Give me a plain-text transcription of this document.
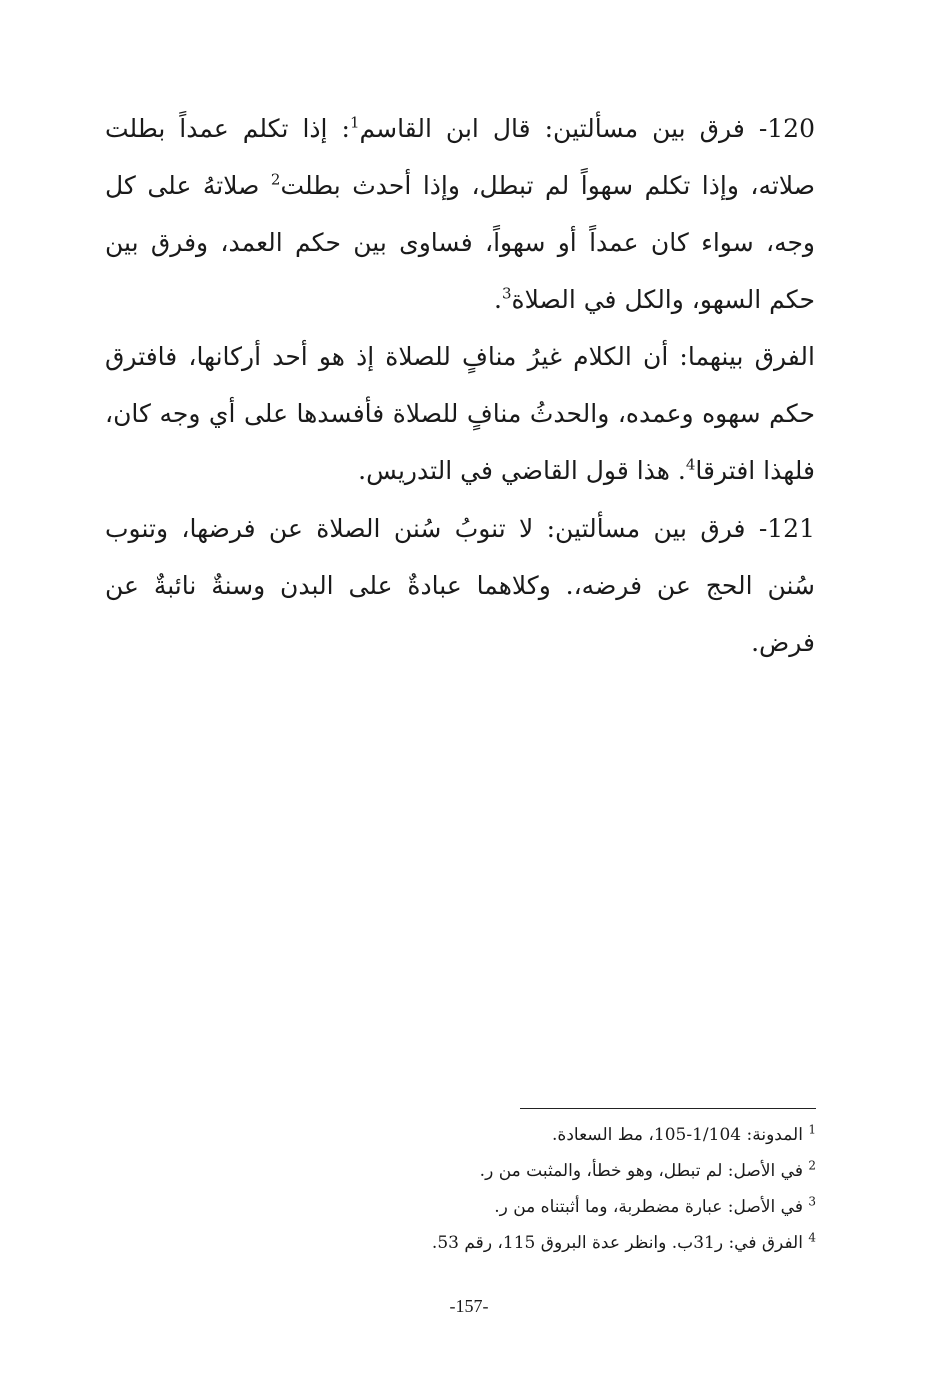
120- فرق بين مسألتين: قال ابن القاسم$^1$: إذا تكلم عمداً بطلت صلاته، وإذا تكلم سهواً لم تبطل، وإذا أحدث بطلت$^2$ صلاتهُ على كل وجه، سواء كان عمداً أو سهواً، فساوى بين حكم العمد، وفرق بين حكم السهو، والكل في الصلاة$^3$.

الفرق بينهما: أن الكلام غيرُ منافٍ للصلاة إذ هو أحد أركانها، فافترق حكم سهوه وعمده، والحدثُ منافٍ للصلاة فأفسدها على أي وجه كان، فلهذا افترقا$^4$. هذا قول القاضي في التدريس.

121- فرق بين مسألتين: لا تنوبُ سُنن الصلاة عن فرضها، وتنوب سُنن الحج عن فرضه،. وكلاهما عبادةٌ على البدن وسنةٌ نائبةٌ عن فرض.

$^1$ المدونة: 1/104-105، مط السعادة.
$^2$ في الأصل: لم تبطل، وهو خطأ، والمثبت من ر.
$^3$ في الأصل: عبارة مضطربة، وما أثبتناه من ر.
$^4$ الفرق في: ر31ب. وانظر عدة البروق 115، رقم 53.
-157-
